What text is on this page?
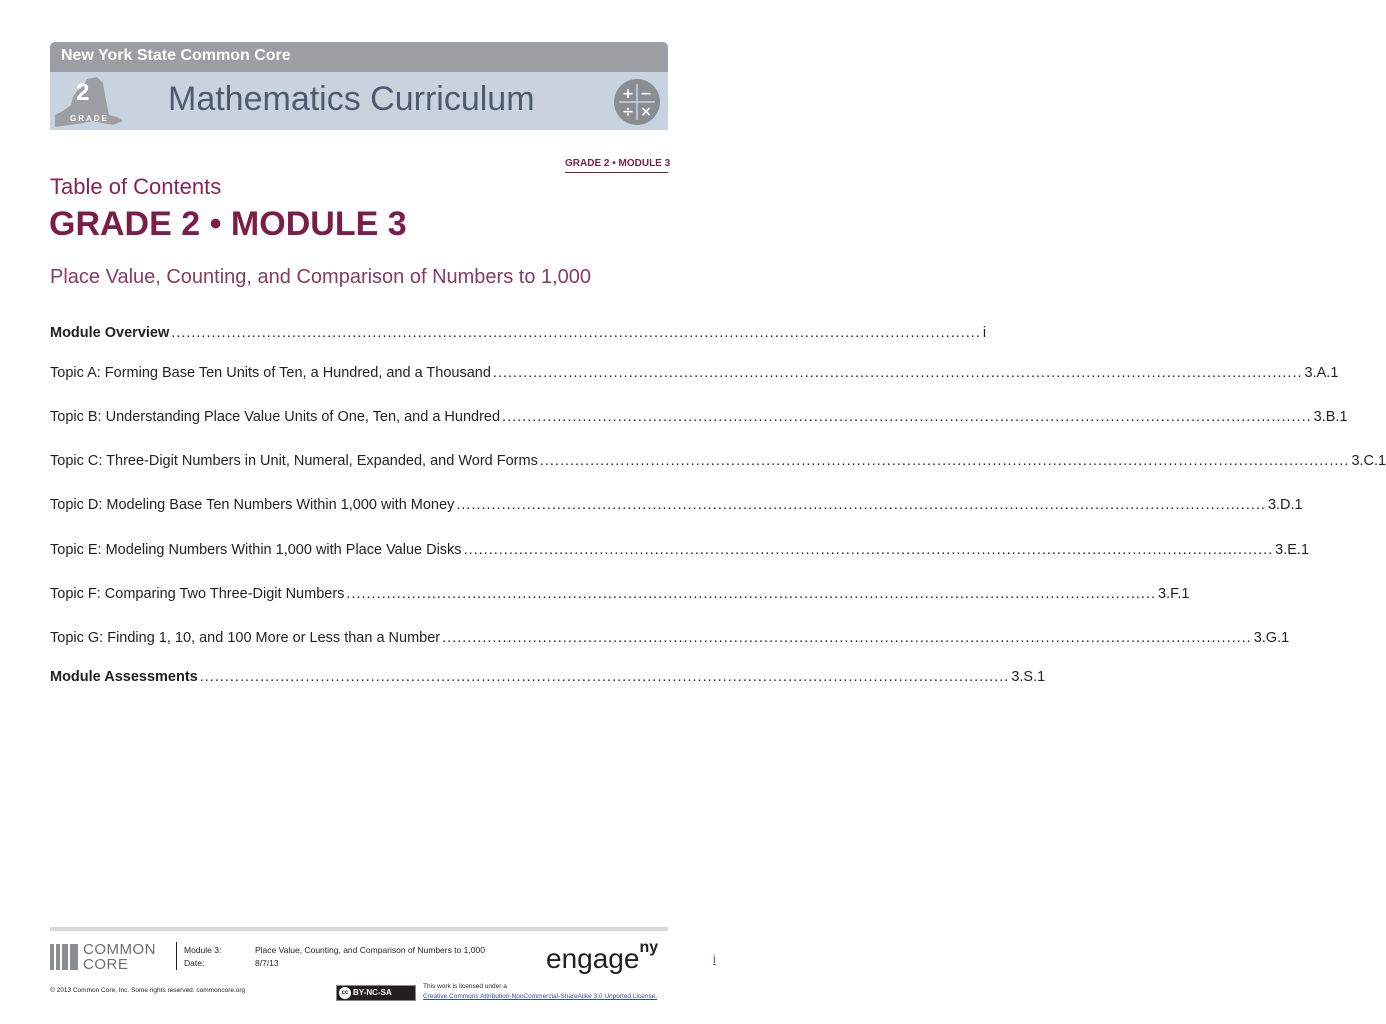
New York State Common Core
2
GRADE
Mathematics Curriculum	+ −
÷ ×
GRADE 2 • MODULE 3
Table of Contents
GRADE 2 • MODULE 3
Place Value, Counting, and Comparison of Numbers to 1,000
Module Overview ................................................................................................................................................................. i
Topic A: Forming Base Ten Units of Ten, a Hundred, and a Thousand ................................................................................................................................................................. 3.A.1
Topic B: Understanding Place Value Units of One, Ten, and a Hundred ................................................................................................................................................................. 3.B.1
Topic C: Three-Digit Numbers in Unit, Numeral, Expanded, and Word Forms ................................................................................................................................................................. 3.C.1
Topic D: Modeling Base Ten Numbers Within 1,000 with Money ................................................................................................................................................................. 3.D.1
Topic E: Modeling Numbers Within 1,000 with Place Value Disks ................................................................................................................................................................. 3.E.1
Topic F: Comparing Two Three-Digit Numbers ................................................................................................................................................................. 3.F.1
Topic G: Finding 1, 10, and 100 More or Less than a Number ................................................................................................................................................................. 3.G.1
Module Assessments ................................................................................................................................................................. 3.S.1
COMMON
CORE
Module 3:
Date:
Place Value, Counting, and Comparison of Numbers to 1,000
8/7/13	engage$^{ny}$
i
© 2013 Common Core, Inc. Some rights reserved. commoncore.org	cc BY-NC-SA
This work is licensed under a
Creative Commons Attribution-NonCommercial-ShareAlike 3.0 Unported License.
